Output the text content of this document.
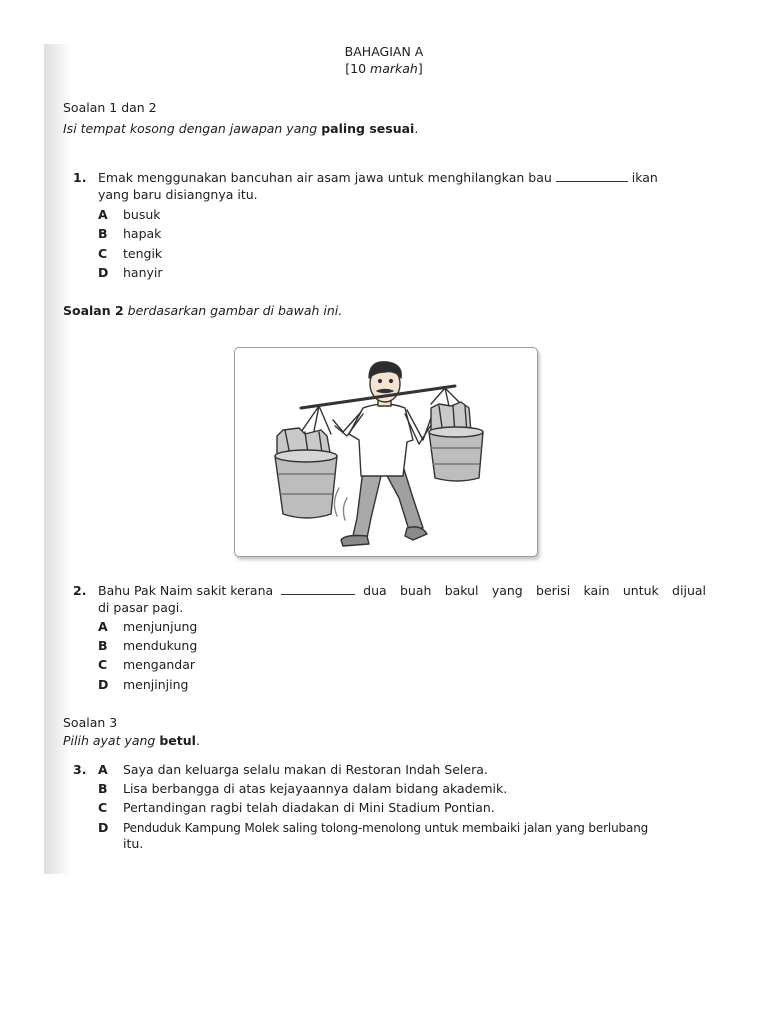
BAHAGIAN A
[10 markah]
Soalan 1 dan 2
Isi tempat kosong dengan jawapan yang paling sesuai.
1. Emak menggunakan bancuhan air asam jawa untuk menghilangkan bau	ikan
yang baru disiangnya itu.
A busuk
B hapak
C tengik
D hanyir
Soalan 2 berdasarkan gambar di bawah ini.
2. Bahu Pak Naim sakit kerana	dua buah bakul yang berisi kain untuk dijual
di pasar pagi.
A menjunjung
B mendukung
C mengandar
D menjinjing
Soalan 3
Pilih ayat yang betul.
3. A Saya dan keluarga selalu makan di Restoran Indah Selera.
B Lisa berbangga di atas kejayaannya dalam bidang akademik.
C Pertandingan ragbi telah diadakan di Mini Stadium Pontian.
D Penduduk Kampung Molek saling tolong-menolong untuk membaiki jalan yang berlubang
itu.
